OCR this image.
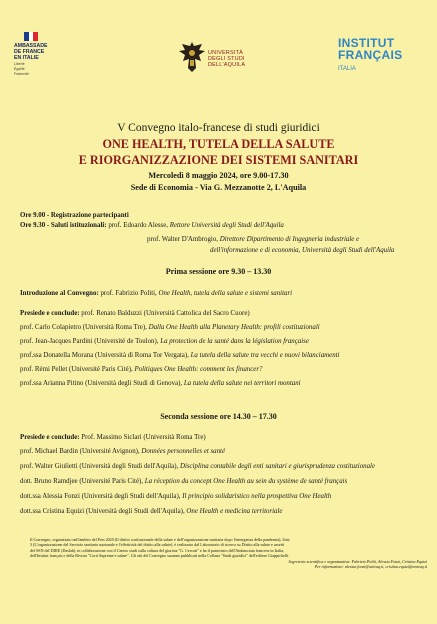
AMBASSADE
DE FRANCE
EN ITALIE
Liberté
Égalité
Fraternité
UNIVERSITÀ
DEGLI STUDI
DELL'AQUILA
INSTITUT
FRANÇAIS
ITALIA
V Convegno italo-francese di studi giuridici
ONE HEALTH, TUTELA DELLA SALUTE
E RIORGANIZZAZIONE DEI SISTEMI SANITARI
Mercoledì 8 maggio 2024, ore 9.00-17.30
Sede di Economia - Via G. Mezzanotte 2, L'Aquila
Ore 9.00 - Registrazione partecipanti
Ore 9.30 - Saluti istituzionali: prof. Edoardo Alesse, Rettore Università degli Studi dell'Aquila
prof. Walter D'Ambrogio, Direttore Dipartimento di Ingegneria industriale e
dell'informazione e di economia, Università degli Studi dell'Aquila
Prima sessione ore 9.30 – 13.30
Introduzione al Convegno: prof. Fabrizio Politi, One Health, tutela della salute e sistemi sanitari
Presiede e conclude: prof. Renato Balduzzi (Università Cattolica del Sacro Cuore)
prof. Carlo Colapietro (Università Roma Tre), Dalla One Health alla Planetary Health: profili costituzionali
prof. Jean-Jacques Pardini (Université de Toulon), La protection de la santé dans la législation française
prof.ssa Donatella Morana (Università di Roma Tor Vergata), La tutela della salute tra vecchi e nuovi bilanciamenti
prof. Rémi Pellet (Université Paris Cité), Politiques One Health: comment les financer?
prof.ssa Arianna Pitino (Università degli Studi di Genova), La tutela della salute nei territori montani
Seconda sessione ore 14.30 – 17.30
Presiede e conclude: Prof. Massimo Siclari (Università Roma Tre)
prof. Michael Bardin (Université Avignon), Données personnelles et santé
prof. Walter Giulietti (Università degli Studi dell'Aquila), Disciplina contabile degli enti sanitari e giurisprudenza costituzionale
dott. Bruno Ramdjee (Université Paris Cité), La réception du concept One Health au sein du système de santé français
dott.ssa Alessia Fonzi (Università degli Studi dell'Aquila), Il principio solidaristico nella prospettiva One Health
dott.ssa Cristina Equizi (Università degli Studi dell'Aquila), One Health e medicina territoriale
Il Convegno, organizzato nell'ambito del Prin 2020 (Il diritto costituzionale della salute e dell'organizzazione sanitaria dopo l'emergenza della pandemia), Unit
3 (L'organizzazione del Servizio sanitario nazionale e l'effettività del diritto alla salute), è realizzato dal Laboratorio di ricerca su Diritto alla salute e assetti
del SSN del DIIIE (Daslab), in collaborazione con il Centro studi sulla cultura del giurista "G. Cervati" e ha il patrocinio dell'Ambasciata francese in Italia,
dell'Institut français e della Rivista "Corti Supreme e salute". Gli atti del Convegno saranno pubblicati nella Collana "Studi giuridici" dell'editore Giappichelli.
Segreteria scientifica e organizzativa: Fabrizio Politi, Alessia Fonzi, Cristina Equizi
Per informazioni: alessia.fonzi@univaq.it, cristina.equizi@univaq.it
